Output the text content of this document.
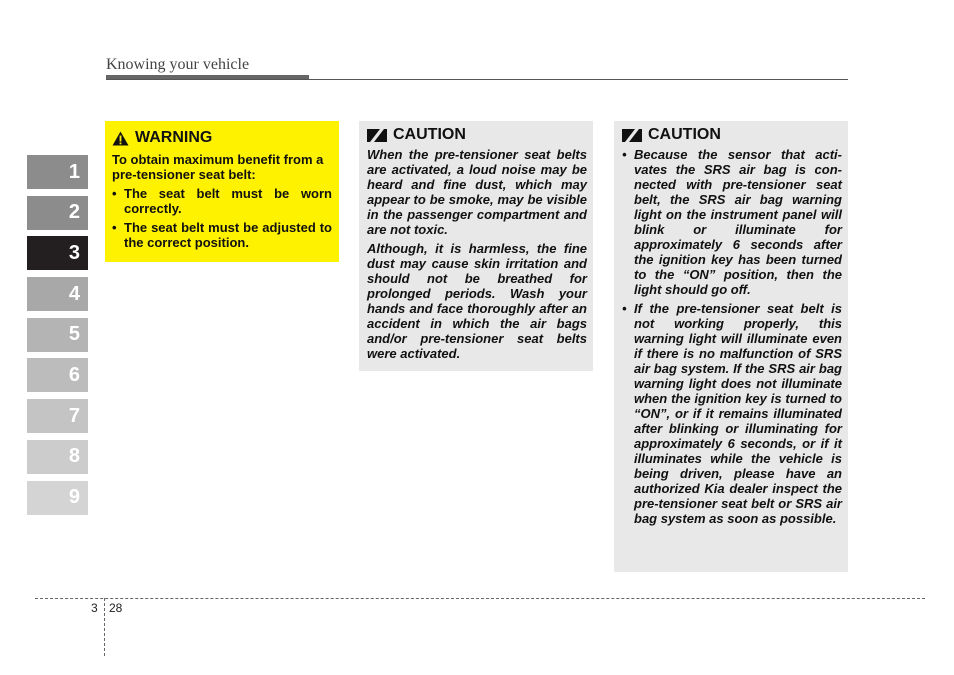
Knowing your vehicle
1
2
3
4
5
6
7
8
9
WARNING

To obtain maximum benefit from a pre-tensioner seat belt:

• The seat belt must be worn correctly.
• The seat belt must be adjusted to the correct position.
CAUTION

When the pre-tensioner seat belts are activated, a loud noise may be heard and fine dust, which may appear to be smoke, may be visible in the passenger compartment and are not toxic.

Although, it is harmless, the fine dust may cause skin irritation and should not be breathed for prolonged periods. Wash your hands and face thoroughly after an accident in which the air bags and/or pre-tensioner seat belts were activated.

CAUTION
• Because the sensor that acti-vates the SRS air bag is con-nected with pre-tensioner seat belt, the SRS air bag warning light on the instrument panel will blink or illuminate for approximately 6 seconds after the ignition key has been turned to the “ON” position, then the light should go off.
• If the pre-tensioner seat belt is not working properly, this warning light will illuminate even if there is no malfunction of SRS air bag system. If the SRS air bag warning light does not illuminate when the ignition key is turned to “ON”, or if it remains illuminated after blinking or illuminating for approximately 6 seconds, or if it illuminates while the vehicle is being driven, please have an authorized Kia dealer inspect the pre-tensioner seat belt or SRS air bag system as soon as possible.
3 28
